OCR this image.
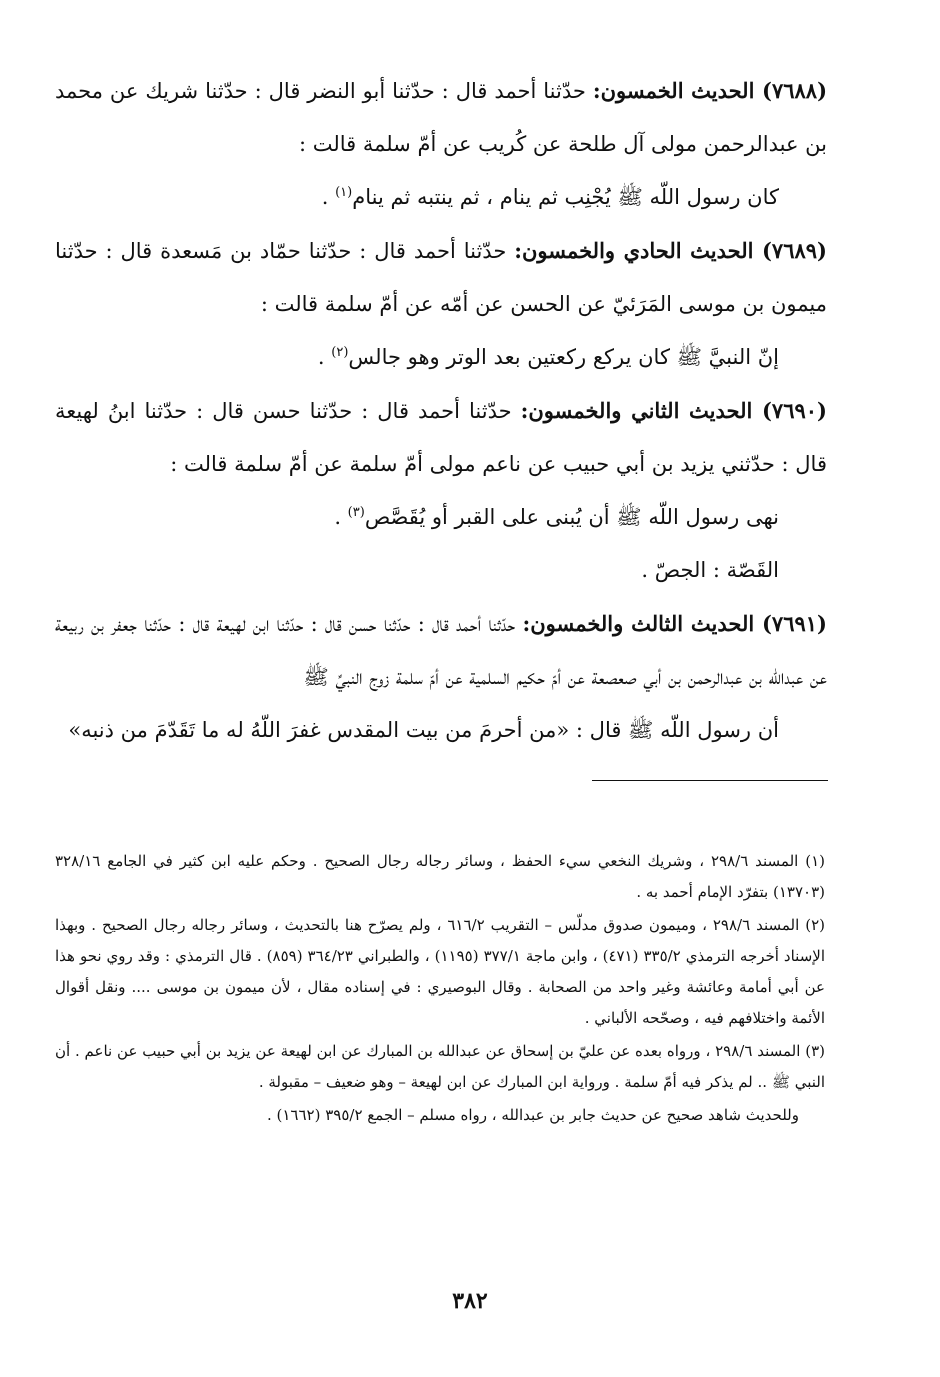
(٧٦٨٨) الحديث الخمسون: حدّثنا أحمد قال : حدّثنا أبو النضر قال : حدّثنا شريك عن محمد بن عبدالرحمن مولى آل طلحة عن كُريب عن أمّ سلمة قالت :

كان رسول اللّه ﷺ يُجْنِب ثم ينام ، ثم ينتبه ثم ينام$^{(١)}$ .

(٧٦٨٩) الحديث الحادي والخمسون: حدّثنا أحمد قال : حدّثنا حمّاد بن مَسعدة قال : حدّثنا ميمون بن موسى المَرَئيّ عن الحسن عن أمّه عن أمّ سلمة قالت :

إنّ النبيَّ ﷺ كان يركع ركعتين بعد الوتر وهو جالس$^{(٢)}$ .

(٧٦٩٠) الحديث الثاني والخمسون: حدّثنا أحمد قال : حدّثنا حسن قال : حدّثنا ابنُ لهيعة قال : حدّثني يزيد بن أبي حبيب عن ناعم مولى أمّ سلمة عن أمّ سلمة قالت :

نهى رسول اللّه ﷺ أن يُبنى على القبر أو يُقَصَّص$^{(٣)}$ .

القَصّة : الجصّ .

(٧٦٩١) الحديث الثالث والخمسون: حدّثنا أحمد قال : حدّثنا حسن قال : حدّثنا ابن لهيعة قال : حدّثنا جعفر بن ربيعة عن عبدالله بن عبدالرحمن بن أبي صعصعة عن أمّ حكيم السلمية عن أمّ سلمة زوج النبيِّ ﷺ

أن رسول اللّه ﷺ قال : «من أحرمَ من بيت المقدس غفرَ اللّهُ له ما تَقَدّمَ من ذنبه»

(١) المسند ٢٩٨/٦ ، وشريك النخعي سيء الحفظ ، وسائر رجاله رجال الصحيح . وحكم عليه ابن كثير في الجامع ٣٢٨/١٦ (١٣٧٠٣) بتفرّد الإمام أحمد به .

(٢) المسند ٢٩٨/٦ ، وميمون صدوق مدلّس – التقريب ٦١٦/٢ ، ولم يصرّح هنا بالتحديث ، وسائر رجاله رجال الصحيح . وبهذا الإسناد أخرجه الترمذي ٣٣٥/٢ (٤٧١) ، وابن ماجة ٣٧٧/١ (١١٩٥) ، والطبراني ٣٦٤/٢٣ (٨٥٩) . قال الترمذي : وقد روي نحو هذا عن أبي أمامة وعائشة وغير واحد من الصحابة . وقال البوصيري : في إسناده مقال ، لأن ميمون بن موسى .... ونقل أقوال الأئمة واختلافهم فيه ، وصحّحه الألباني .

(٣) المسند ٢٩٨/٦ ، ورواه بعده عن عليّ بن إسحاق عن عبدالله بن المبارك عن ابن لهيعة عن يزيد بن أبي حبيب عن ناعم . أن النبي ﷺ .. لم يذكر فيه أمّ سلمة . ورواية ابن المبارك عن ابن لهيعة – وهو ضعيف – مقبولة .

وللحديث شاهد صحيح عن حديث جابر بن عبدالله ، رواه مسلم – الجمع ٣٩٥/٢ (١٦٦٢) .

٣٨٢
